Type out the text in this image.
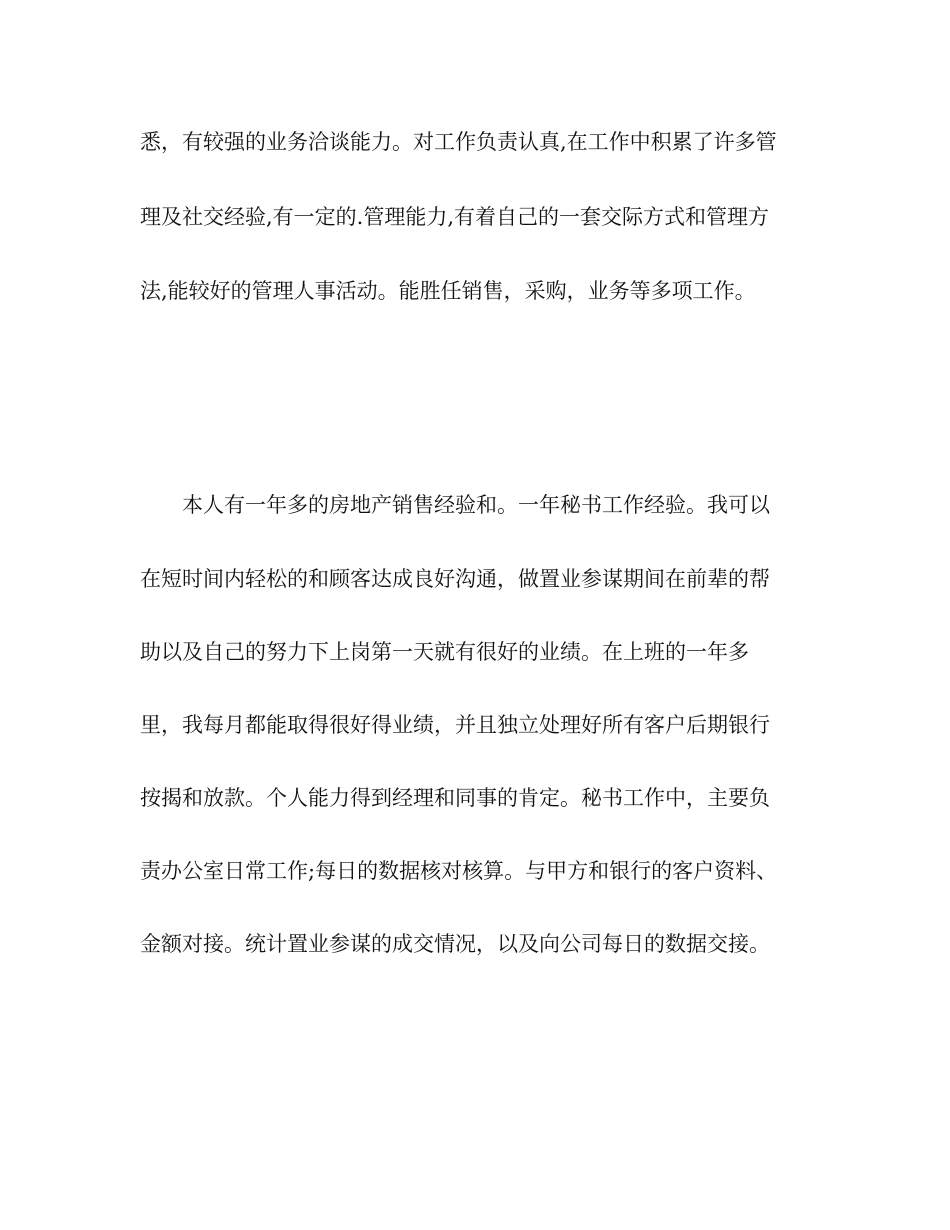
悉，有较强的业务洽谈能力。对工作负责认真,在工作中积累了许多管

理及社交经验,有一定的.管理能力,有着自己的一套交际方式和管理方

法,能较好的管理人事活动。能胜任销售，采购，业务等多项工作。

本人有一年多的房地产销售经验和。一年秘书工作经验。我可以

在短时间内轻松的和顾客达成良好沟通，做置业参谋期间在前辈的帮

助以及自己的努力下上岗第一天就有很好的业绩。在上班的一年多

里，我每月都能取得很好得业绩，并且独立处理好所有客户后期银行

按揭和放款。个人能力得到经理和同事的肯定。秘书工作中，主要负

责办公室日常工作;每日的数据核对核算。与甲方和银行的客户资料、

金额对接。统计置业参谋的成交情况，以及向公司每日的数据交接。
